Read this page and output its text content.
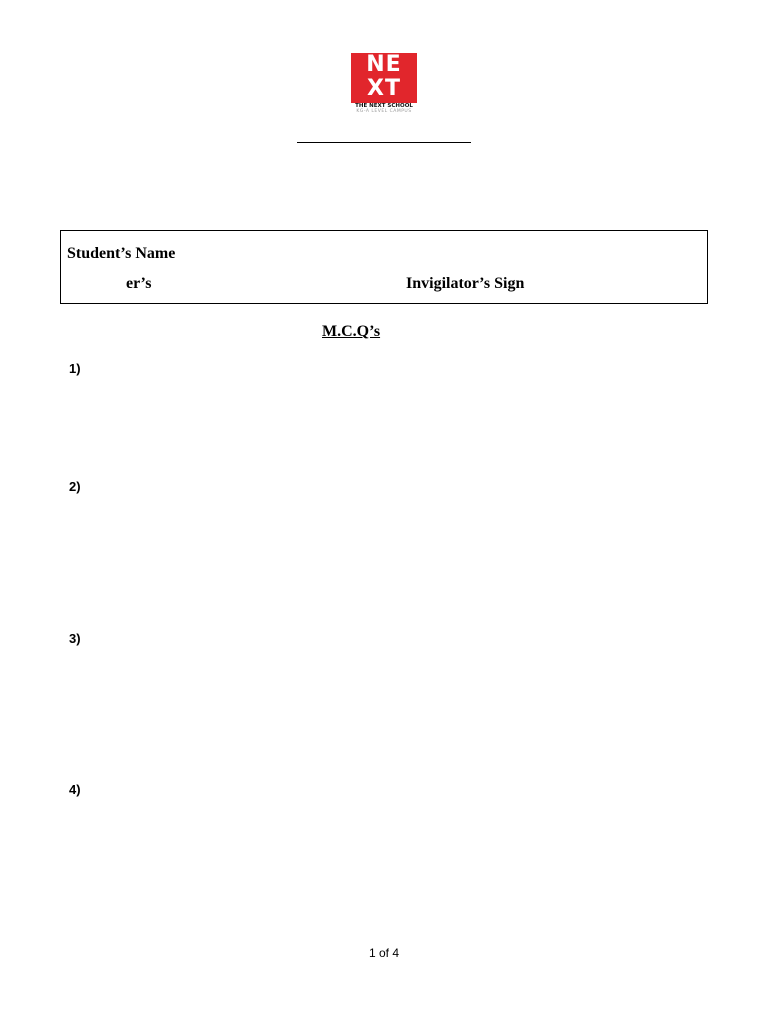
NE
XT
THE NEXT SCHOOL
KG-A LEVEL CAMPUS
Student’s Name
er’s	Invigilator’s Sign
M.C.Q’s
1)
2)
3)
4)
1 of 4
